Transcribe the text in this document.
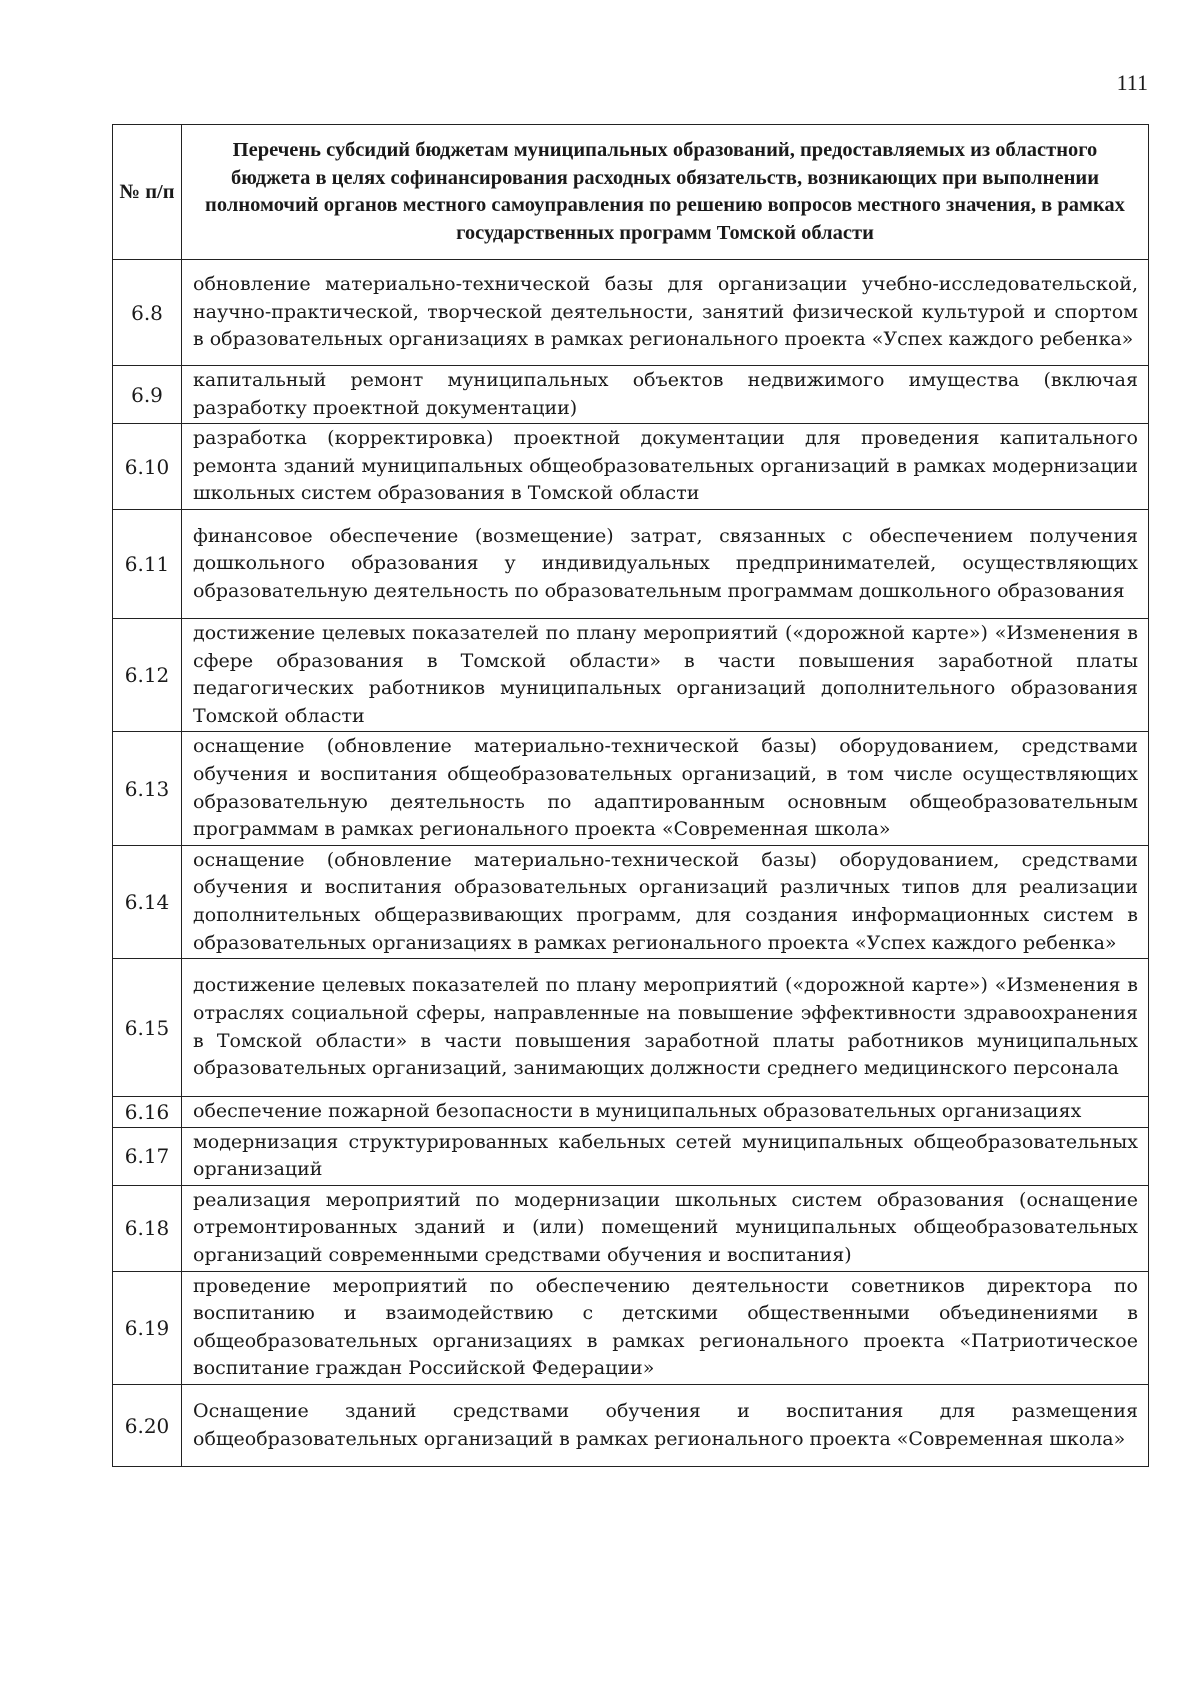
111
№ п/п	Перечень субсидий бюджетам муниципальных образований, предоставляемых из областного бюджета в целях софинансирования расходных обязательств, возникающих при выполнении полномочий органов местного самоуправления по решению вопросов местного значения, в рамках государственных программ Томской области
6.8	обновление материально-технической базы для организации учебно-исследовательской, научно-практической, творческой деятельности, занятий физической культурой и спортом в образовательных организациях в рамках регионального проекта «Успех каждого ребенка»
6.9	капитальный ремонт муниципальных объектов недвижимого имущества (включая разработку проектной документации)
6.10	разработка (корректировка) проектной документации для проведения капитального ремонта зданий муниципальных общеобразовательных организаций в рамках модернизации школьных систем образования в Томской области
6.11	финансовое обеспечение (возмещение) затрат, связанных с обеспечением получения дошкольного образования у индивидуальных предпринимателей, осуществляющих образовательную деятельность по образовательным программам дошкольного образования
6.12	достижение целевых показателей по плану мероприятий («дорожной карте») «Изменения в сфере образования в Томской области» в части повышения заработной платы педагогических работников муниципальных организаций дополнительного образования Томской области
6.13	оснащение (обновление материально-технической базы) оборудованием, средствами обучения и воспитания общеобразовательных организаций, в том числе осуществляющих образовательную деятельность по адаптированным основным общеобразовательным программам в рамках регионального проекта «Современная школа»
6.14	оснащение (обновление материально-технической базы) оборудованием, средствами обучения и воспитания образовательных организаций различных типов для реализации дополнительных общеразвивающих программ, для создания информационных систем в образовательных организациях в рамках регионального проекта «Успех каждого ребенка»
6.15	достижение целевых показателей по плану мероприятий («дорожной карте») «Изменения в отраслях социальной сферы, направленные на повышение эффективности здравоохранения в Томской области» в части повышения заработной платы работников муниципальных образовательных организаций, занимающих должности среднего медицинского персонала
6.16	обеспечение пожарной безопасности в муниципальных образовательных организациях
6.17	модернизация структурированных кабельных сетей муниципальных общеобразовательных организаций
6.18	реализация мероприятий по модернизации школьных систем образования (оснащение отремонтированных зданий и (или) помещений муниципальных общеобразовательных организаций современными средствами обучения и воспитания)
6.19	проведение мероприятий по обеспечению деятельности советников директора по воспитанию и взаимодействию с детскими общественными объединениями в общеобразовательных организациях в рамках регионального проекта «Патриотическое воспитание граждан Российской Федерации»
6.20	Оснащение зданий средствами обучения и воспитания для размещения общеобразовательных организаций в рамках регионального проекта «Современная школа»
